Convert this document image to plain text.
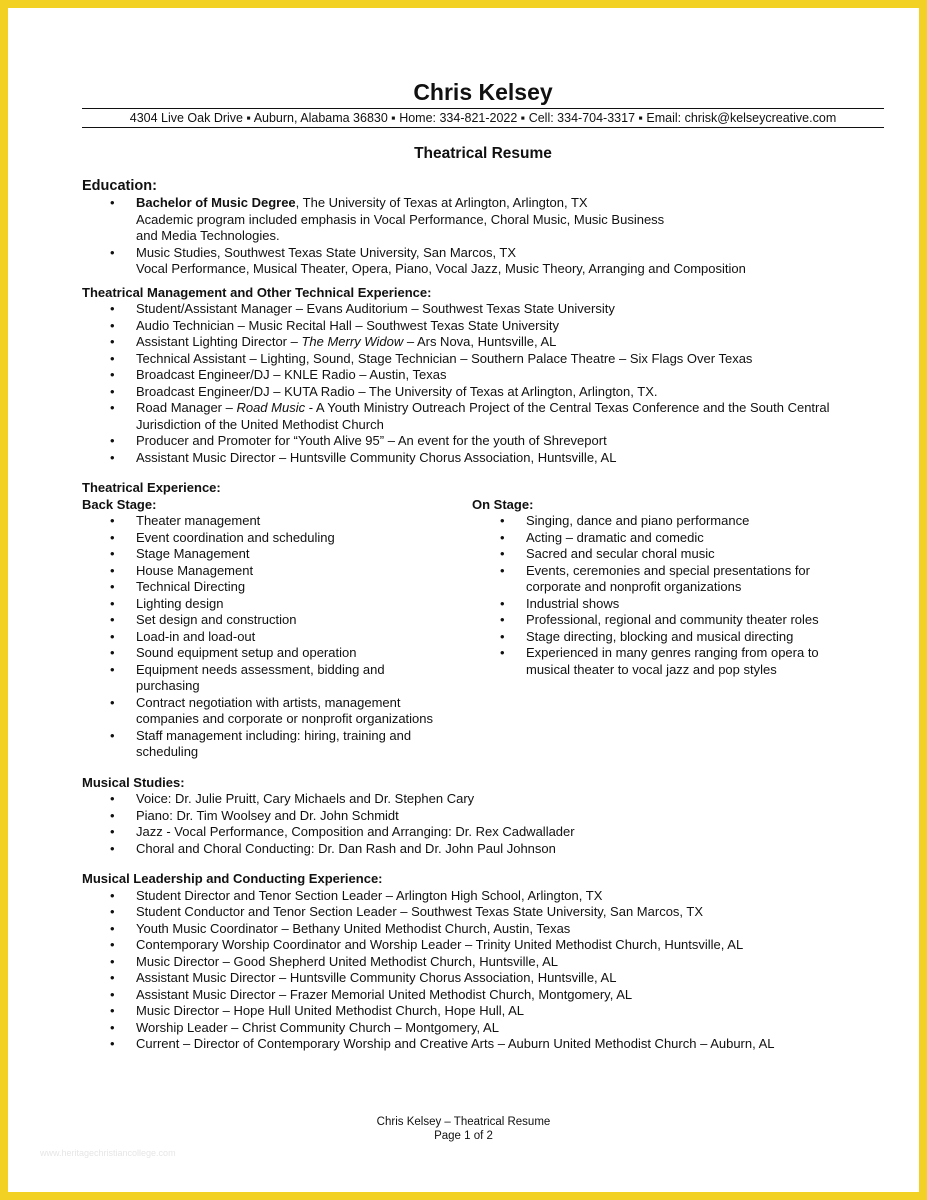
Chris Kelsey
4304 Live Oak Drive ▪ Auburn, Alabama 36830 ▪ Home: 334-821-2022 ▪ Cell: 334-704-3317 ▪ Email: chrisk@kelseycreative.com
Theatrical Resume
Education:
• Bachelor of Music Degree, The University of Texas at Arlington, Arlington, TX
Academic program included emphasis in Vocal Performance, Choral Music, Music Business
and Media Technologies.
• Music Studies, Southwest Texas State University, San Marcos, TX
Vocal Performance, Musical Theater, Opera, Piano, Vocal Jazz, Music Theory, Arranging and Composition
Theatrical Management and Other Technical Experience:
• Student/Assistant Manager – Evans Auditorium – Southwest Texas State University
• Audio Technician – Music Recital Hall – Southwest Texas State University
• Assistant Lighting Director – The Merry Widow – Ars Nova, Huntsville, AL
• Technical Assistant – Lighting, Sound, Stage Technician – Southern Palace Theatre – Six Flags Over Texas
• Broadcast Engineer/DJ – KNLE Radio – Austin, Texas
• Broadcast Engineer/DJ – KUTA Radio – The University of Texas at Arlington, Arlington, TX.
• Road Manager – Road Music - A Youth Ministry Outreach Project of the Central Texas Conference and the South Central
Jurisdiction of the United Methodist Church
• Producer and Promoter for “Youth Alive 95” – An event for the youth of Shreveport
• Assistant Music Director – Huntsville Community Chorus Association, Huntsville, AL
Theatrical Experience:
Back Stage:
• Theater management
• Event coordination and scheduling
• Stage Management
• House Management
• Technical Directing
• Lighting design
• Set design and construction
• Load-in and load-out
• Sound equipment setup and operation
• Equipment needs assessment, bidding and
purchasing
• Contract negotiation with artists, management
companies and corporate or nonprofit organizations
• Staff management including: hiring, training and
scheduling
On Stage:
• Singing, dance and piano performance
• Acting – dramatic and comedic
• Sacred and secular choral music
• Events, ceremonies and special presentations for
corporate and nonprofit organizations
• Industrial shows
• Professional, regional and community theater roles
• Stage directing, blocking and musical directing
• Experienced in many genres ranging from opera to
musical theater to vocal jazz and pop styles
Musical Studies:
• Voice: Dr. Julie Pruitt, Cary Michaels and Dr. Stephen Cary
• Piano: Dr. Tim Woolsey and Dr. John Schmidt
• Jazz - Vocal Performance, Composition and Arranging: Dr. Rex Cadwallader
• Choral and Choral Conducting: Dr. Dan Rash and Dr. John Paul Johnson
Musical Leadership and Conducting Experience:
• Student Director and Tenor Section Leader – Arlington High School, Arlington, TX
• Student Conductor and Tenor Section Leader – Southwest Texas State University, San Marcos, TX
• Youth Music Coordinator – Bethany United Methodist Church, Austin, Texas
• Contemporary Worship Coordinator and Worship Leader – Trinity United Methodist Church, Huntsville, AL
• Music Director – Good Shepherd United Methodist Church, Huntsville, AL
• Assistant Music Director – Huntsville Community Chorus Association, Huntsville, AL
• Assistant Music Director – Frazer Memorial United Methodist Church, Montgomery, AL
• Music Director – Hope Hull United Methodist Church, Hope Hull, AL
• Worship Leader – Christ Community Church – Montgomery, AL
• Current – Director of Contemporary Worship and Creative Arts – Auburn United Methodist Church – Auburn, AL
Chris Kelsey – Theatrical Resume
Page 1 of 2
www.heritagechristiancollege.com
